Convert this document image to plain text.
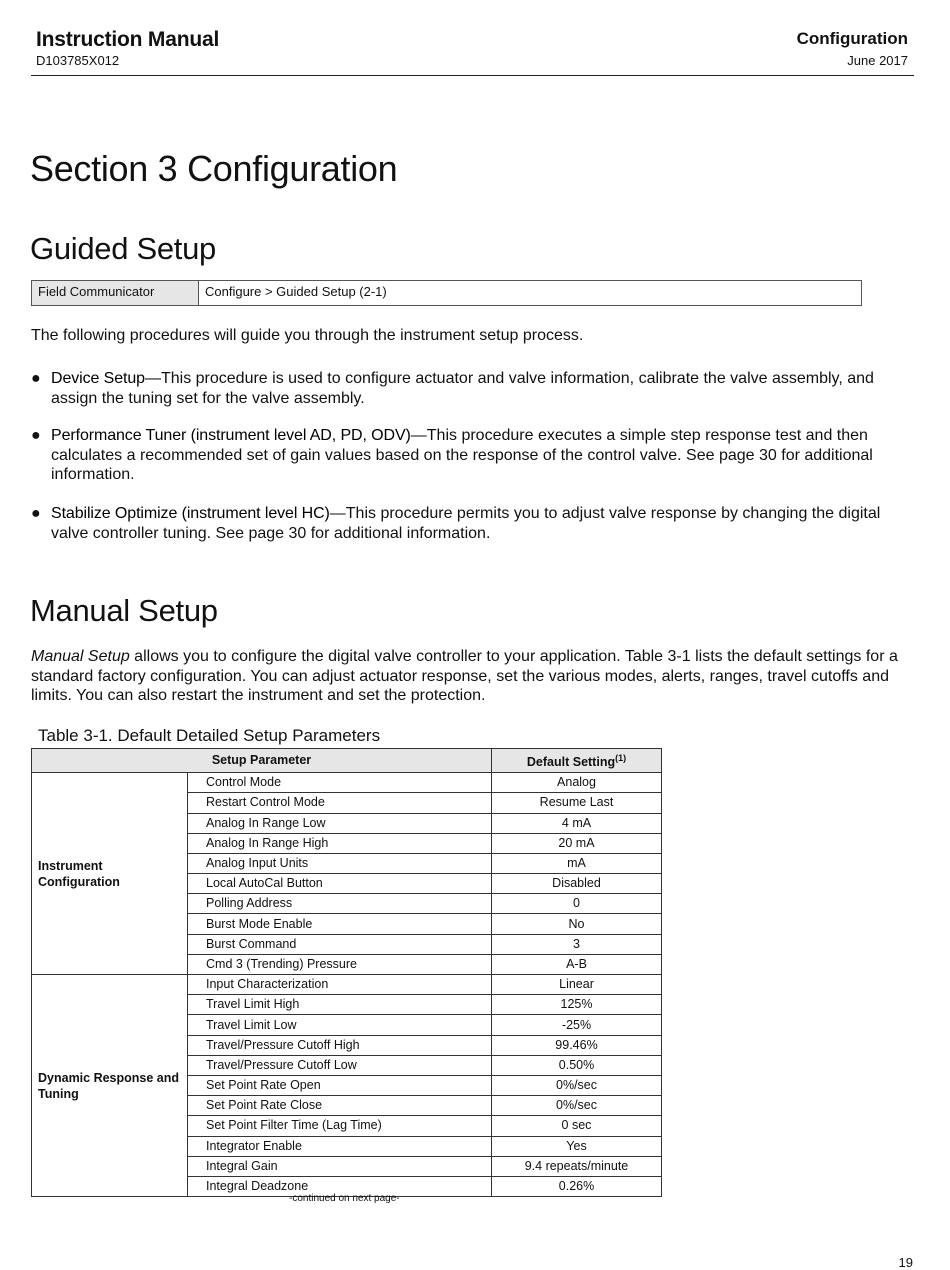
Instruction Manual
D103785X012
Configuration
June 2017
Section 3 Configuration
Guided Setup
Field Communicator	Configure > Guided Setup (2-1)

The following procedures will guide you through the instrument setup process.

● Device Setup—This procedure is used to configure actuator and valve information, calibrate the valve assembly, and assign the tuning set for the valve assembly.
● Performance Tuner (instrument level AD, PD, ODV)—This procedure executes a simple step response test and then calculates a recommended set of gain values based on the response of the control valve. See page 30 for additional information.
● Stabilize Optimize (instrument level HC)—This procedure permits you to adjust valve response by changing the digital valve controller tuning. See page 30 for additional information.
Manual Setup

Manual Setup allows you to configure the digital valve controller to your application. Table 3-1 lists the default settings for a standard factory configuration. You can adjust actuator response, set the various modes, alerts, ranges, travel cutoffs and limits. You can also restart the instrument and set the protection.

Table 3-1. Default Detailed Setup Parameters
Setup Parameter		Default Setting$^{(1)}$
Instrument Configuration	Control Mode	Analog
	Restart Control Mode	Resume Last
	Analog In Range Low	4 mA
	Analog In Range High	20 mA
	Analog Input Units	mA
	Local AutoCal Button	Disabled
	Polling Address	0
	Burst Mode Enable	No
	Burst Command	3
	Cmd 3 (Trending) Pressure	A-B
Dynamic Response and Tuning	Input Characterization	Linear
	Travel Limit High	125%
	Travel Limit Low	-25%
	Travel/Pressure Cutoff High	99.46%
	Travel/Pressure Cutoff Low	0.50%
	Set Point Rate Open	0%/sec
	Set Point Rate Close	0%/sec
	Set Point Filter Time (Lag Time)	0 sec
	Integrator Enable	Yes
	Integral Gain	9.4 repeats/minute
	Integral Deadzone	0.26%
-continued on next page-
19
